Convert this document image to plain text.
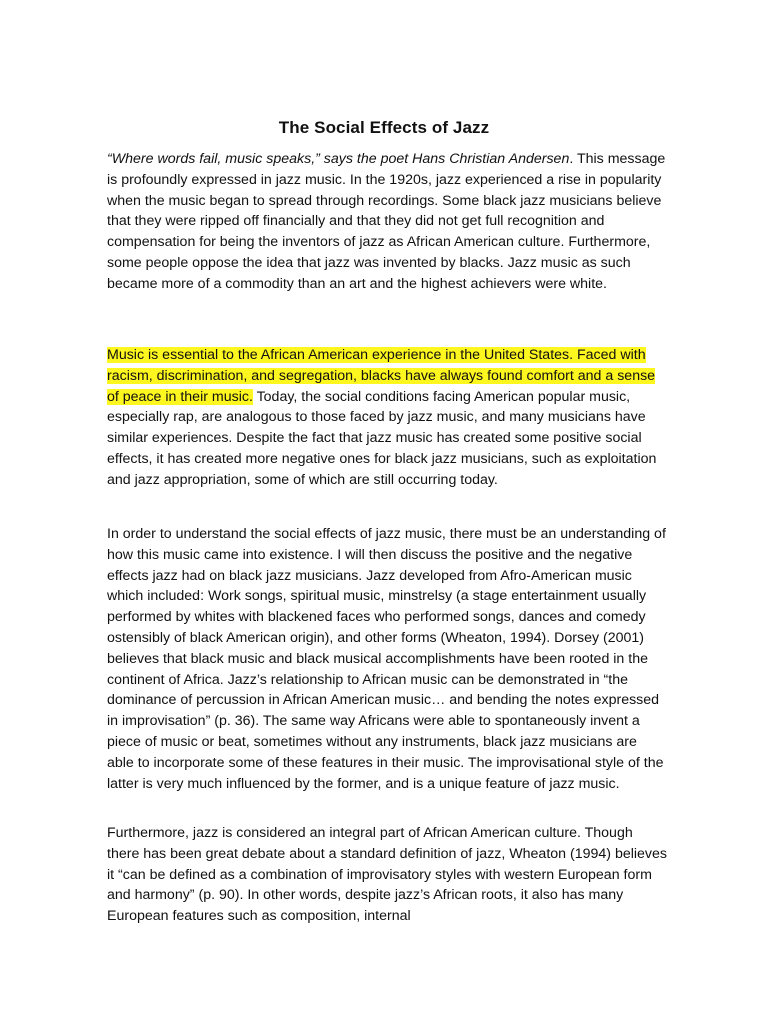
The Social Effects of Jazz

“Where words fail, music speaks,” says the poet Hans Christian Andersen. This message is profoundly expressed in jazz music. In the 1920s, jazz experienced a rise in popularity when the music began to spread through recordings. Some black jazz musicians believe that they were ripped off financially and that they did not get full recognition and compensation for being the inventors of jazz as African American culture. Furthermore, some people oppose the idea that jazz was invented by blacks. Jazz music as such became more of a commodity than an art and the highest achievers were white.

Music is essential to the African American experience in the United States. Faced with racism, discrimination, and segregation, blacks have always found comfort and a sense of peace in their music. Today, the social conditions facing American popular music, especially rap, are analogous to those faced by jazz music, and many musicians have similar experiences. Despite the fact that jazz music has created some positive social effects, it has created more negative ones for black jazz musicians, such as exploitation and jazz appropriation, some of which are still occurring today.

In order to understand the social effects of jazz music, there must be an understanding of how this music came into existence. I will then discuss the positive and the negative effects jazz had on black jazz musicians. Jazz developed from Afro-American music which included: Work songs, spiritual music, minstrelsy (a stage entertainment usually performed by whites with blackened faces who performed songs, dances and comedy ostensibly of black American origin), and other forms (Wheaton, 1994). Dorsey (2001) believes that black music and black musical accomplishments have been rooted in the continent of Africa. Jazz’s relationship to African music can be demonstrated in “the dominance of percussion in African American music… and bending the notes expressed in improvisation” (p. 36). The same way Africans were able to spontaneously invent a piece of music or beat, sometimes without any instruments, black jazz musicians are able to incorporate some of these features in their music. The improvisational style of the latter is very much influenced by the former, and is a unique feature of jazz music.

Furthermore, jazz is considered an integral part of African American culture. Though there has been great debate about a standard definition of jazz, Wheaton (1994) believes it “can be defined as a combination of improvisatory styles with western European form and harmony” (p. 90). In other words, despite jazz’s African roots, it also has many European features such as composition, internal
